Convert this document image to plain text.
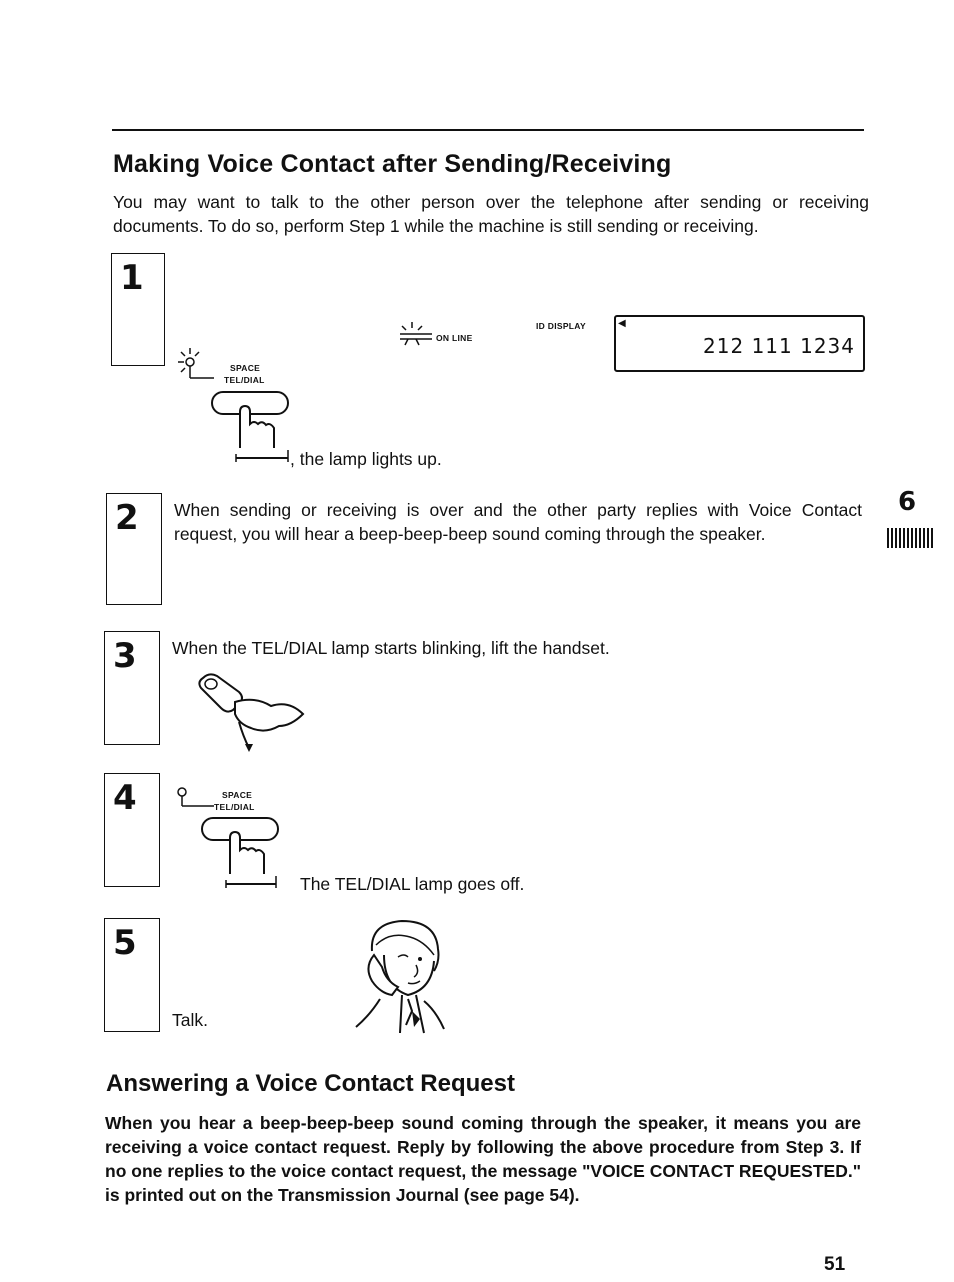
Making Voice Contact after Sending/Receiving

You may want to talk to the other person over the telephone after sending or receiving documents. To do so, perform Step 1 while the machine is still sending or receiving.

1
SPACE
TEL/DIAL
, the lamp lights up.
ON LINE
ID DISPLAY	◀
212 111 1234
2 When sending or receiving is over and the other party replies with Voice Contact request, you will hear a beep-beep-beep sound coming through the speaker.
6
3 When the TEL/DIAL lamp starts blinking, lift the handset.
4	SPACE
TEL/DIAL
The TEL/DIAL lamp goes off.
5
Talk.
Answering a Voice Contact Request

When you hear a beep-beep-beep sound coming through the speaker, it means you are receiving a voice contact request. Reply by following the above procedure from Step 3. If no one replies to the voice contact request, the message "VOICE CONTACT REQUESTED." is printed out on the Transmission Journal (see page 54).

51
